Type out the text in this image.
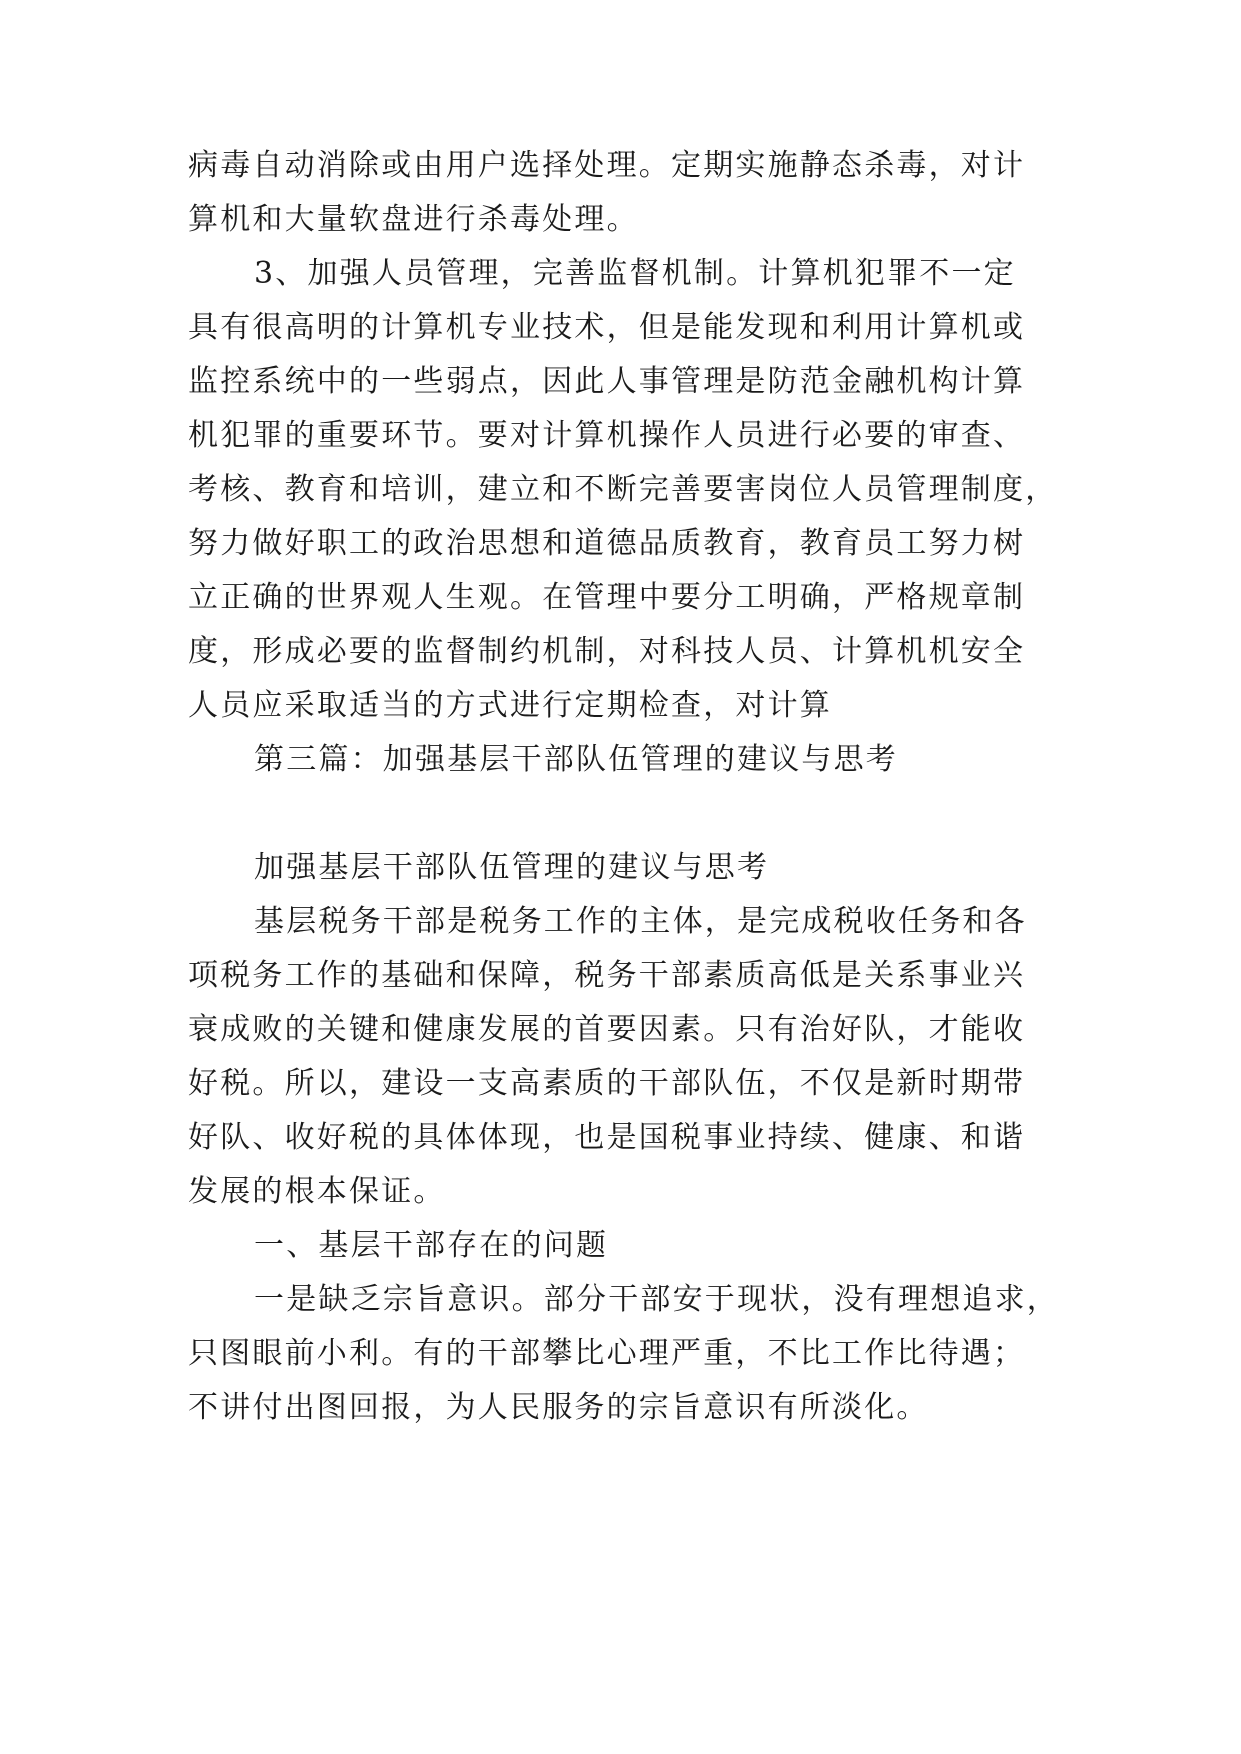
病毒自动消除或由用户选择处理。定期实施静态杀毒，对计
算机和大量软盘进行杀毒处理。
3、加强人员管理，完善监督机制。计算机犯罪不一定
具有很高明的计算机专业技术，但是能发现和利用计算机或
监控系统中的一些弱点，因此人事管理是防范金融机构计算
机犯罪的重要环节。要对计算机操作人员进行必要的审查、
考核、教育和培训，建立和不断完善要害岗位人员管理制度，
努力做好职工的政治思想和道德品质教育，教育员工努力树
立正确的世界观人生观。在管理中要分工明确，严格规章制
度，形成必要的监督制约机制，对科技人员、计算机机安全
人员应采取适当的方式进行定期检查，对计算
第三篇：加强基层干部队伍管理的建议与思考
加强基层干部队伍管理的建议与思考
基层税务干部是税务工作的主体，是完成税收任务和各
项税务工作的基础和保障，税务干部素质高低是关系事业兴
衰成败的关键和健康发展的首要因素。只有治好队，才能收
好税。所以，建设一支高素质的干部队伍，不仅是新时期带
好队、收好税的具体体现，也是国税事业持续、健康、和谐
发展的根本保证。
一、基层干部存在的问题
一是缺乏宗旨意识。部分干部安于现状，没有理想追求，
只图眼前小利。有的干部攀比心理严重，不比工作比待遇；
不讲付出图回报，为人民服务的宗旨意识有所淡化。
